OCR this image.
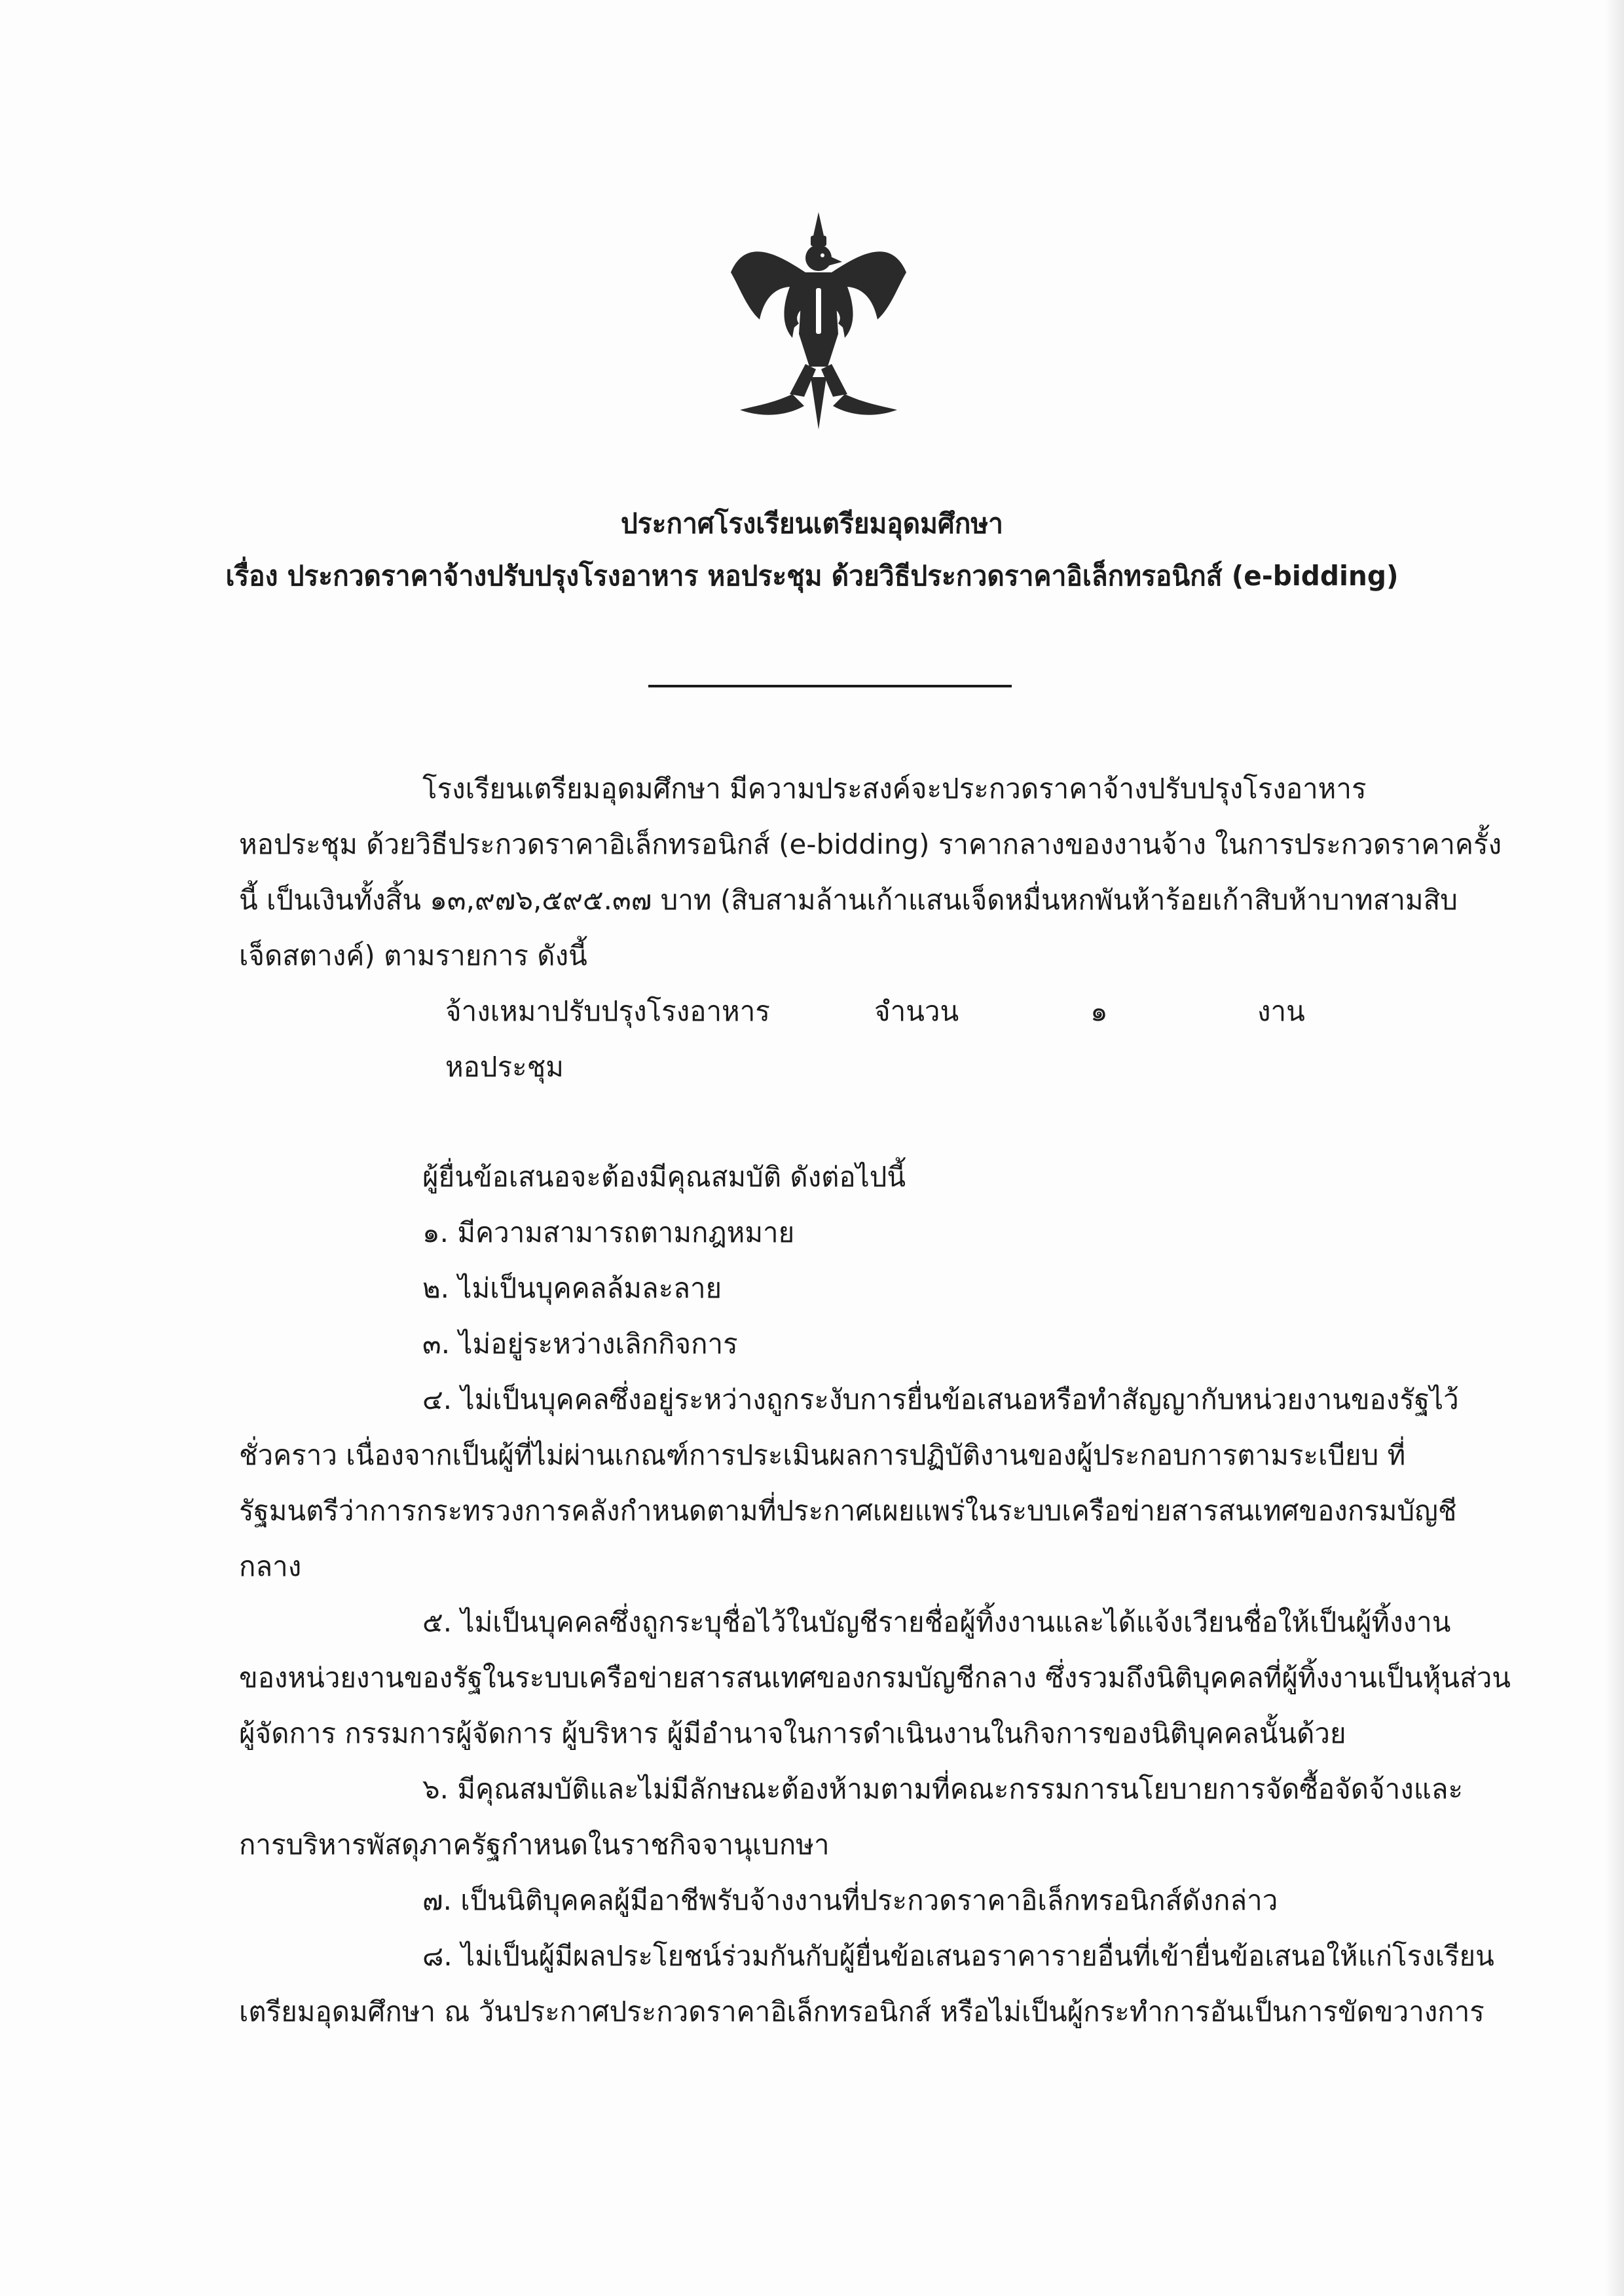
ประกาศโรงเรียนเตรียมอุดมศึกษา
เรื่อง ประกวดราคาจ้างปรับปรุงโรงอาหาร หอประชุม ด้วยวิธีประกวดราคาอิเล็กทรอนิกส์ (e-bidding)
โรงเรียนเตรียมอุดมศึกษา มีความประสงค์จะประกวดราคาจ้างปรับปรุงโรงอาหาร
หอประชุม ด้วยวิธีประกวดราคาอิเล็กทรอนิกส์ (e-bidding) ราคากลางของงานจ้าง ในการประกวดราคาครั้ง
นี้ เป็นเงินทั้งสิ้น ๑๓,๙๗๖,๕๙๕.๓๗ บาท (สิบสามล้านเก้าแสนเจ็ดหมื่นหกพันห้าร้อยเก้าสิบห้าบาทสามสิบ
เจ็ดสตางค์) ตามรายการ ดังนี้
จ้างเหมาปรับปรุงโรงอาหาร	จำนวน	๑	งาน
หอประชุม
ผู้ยื่นข้อเสนอจะต้องมีคุณสมบัติ ดังต่อไปนี้
๑. มีความสามารถตามกฎหมาย
๒. ไม่เป็นบุคคลล้มละลาย
๓. ไม่อยู่ระหว่างเลิกกิจการ
๔. ไม่เป็นบุคคลซึ่งอยู่ระหว่างถูกระงับการยื่นข้อเสนอหรือทำสัญญากับหน่วยงานของรัฐไว้
ชั่วคราว เนื่องจากเป็นผู้ที่ไม่ผ่านเกณฑ์การประเมินผลการปฏิบัติงานของผู้ประกอบการตามระเบียบ ที่
รัฐมนตรีว่าการกระทรวงการคลังกำหนดตามที่ประกาศเผยแพร่ในระบบเครือข่ายสารสนเทศของกรมบัญชี
กลาง
๕. ไม่เป็นบุคคลซึ่งถูกระบุชื่อไว้ในบัญชีรายชื่อผู้ทิ้งงานและได้แจ้งเวียนชื่อให้เป็นผู้ทิ้งงาน
ของหน่วยงานของรัฐในระบบเครือข่ายสารสนเทศของกรมบัญชีกลาง ซึ่งรวมถึงนิติบุคคลที่ผู้ทิ้งงานเป็นหุ้นส่วน
ผู้จัดการ กรรมการผู้จัดการ ผู้บริหาร ผู้มีอำนาจในการดำเนินงานในกิจการของนิติบุคคลนั้นด้วย
๖. มีคุณสมบัติและไม่มีลักษณะต้องห้ามตามที่คณะกรรมการนโยบายการจัดซื้อจัดจ้างและ
การบริหารพัสดุภาครัฐกำหนดในราชกิจจานุเบกษา
๗. เป็นนิติบุคคลผู้มีอาชีพรับจ้างงานที่ประกวดราคาอิเล็กทรอนิกส์ดังกล่าว
๘. ไม่เป็นผู้มีผลประโยชน์ร่วมกันกับผู้ยื่นข้อเสนอราคารายอื่นที่เข้ายื่นข้อเสนอให้แก่โรงเรียน
เตรียมอุดมศึกษา ณ วันประกาศประกวดราคาอิเล็กทรอนิกส์ หรือไม่เป็นผู้กระทำการอันเป็นการขัดขวางการ
